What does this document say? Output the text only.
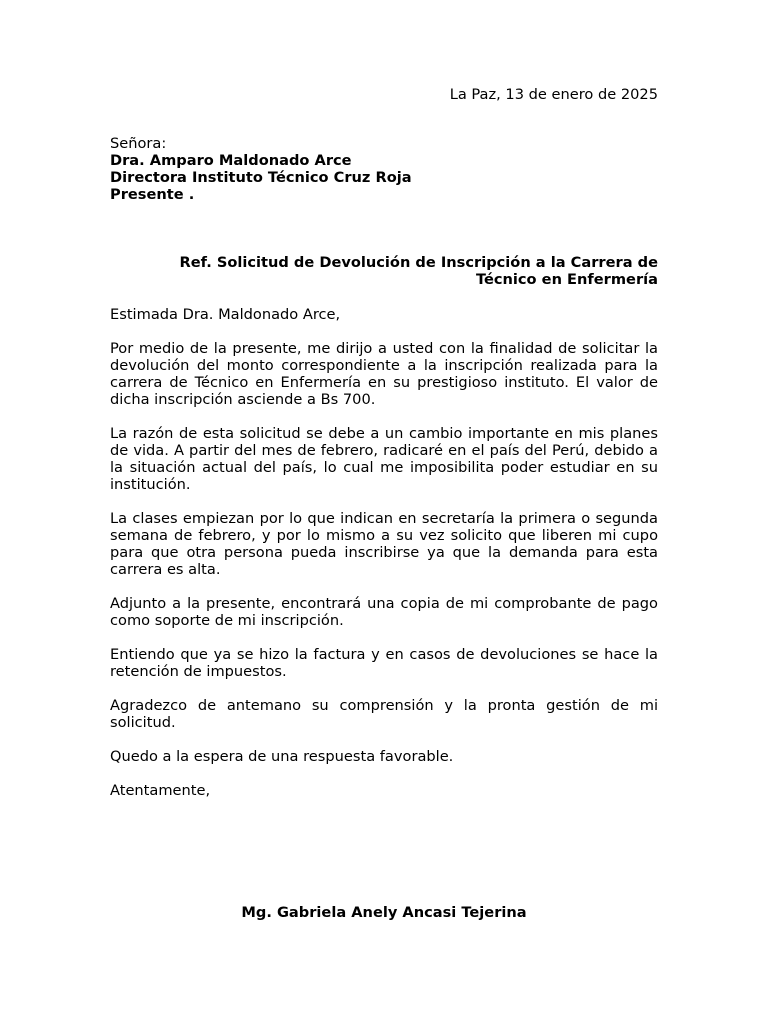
La Paz, 13 de enero de 2025
Señora:
Dra. Amparo Maldonado Arce
Directora Instituto Técnico Cruz Roja
Presente .
Ref. Solicitud de Devolución de Inscripción a la Carrera de
Técnico en Enfermería

Estimada Dra. Maldonado Arce,

Por medio de la presente, me dirijo a usted con la finalidad de solicitar la devolución del monto correspondiente a la inscripción realizada para la carrera de Técnico en Enfermería en su prestigioso instituto. El valor de dicha inscripción asciende a Bs 700.

La razón de esta solicitud se debe a un cambio importante en mis planes de vida. A partir del mes de febrero, radicaré en el país del Perú, debido a la situación actual del país, lo cual me imposibilita poder estudiar en su institución.

La clases empiezan por lo que indican en secretaría la primera o segunda semana de febrero, y por lo mismo a su vez solicito que liberen mi cupo para que otra persona pueda inscribirse ya que la demanda para esta carrera es alta.

Adjunto a la presente, encontrará una copia de mi comprobante de pago como soporte de mi inscripción.

Entiendo que ya se hizo la factura y en casos de devoluciones se hace la retención de impuestos.

Agradezco de antemano su comprensión y la pronta gestión de mi solicitud.

Quedo a la espera de una respuesta favorable.

Atentamente,

Mg. Gabriela Anely Ancasi Tejerina
